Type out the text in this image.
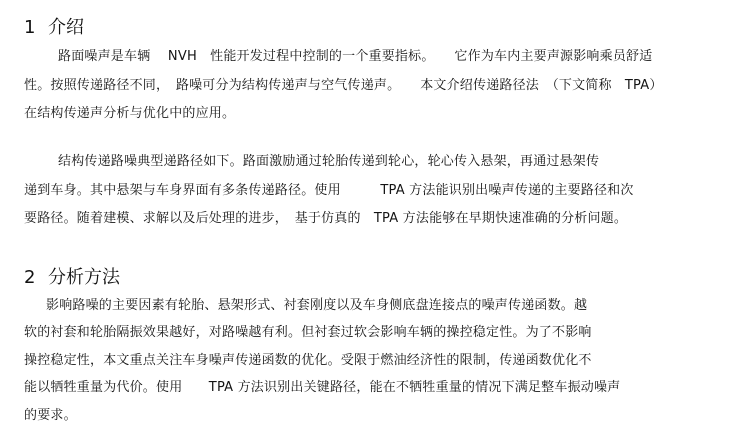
1 介绍
路面噪声是车辆　 NVH　性能开发过程中控制的一个重要指标。　　它作为车内主要声源影响乘员舒适
性。按照传递路径不同，　路噪可分为结构传递声与空气传递声。　　本文介绍传递路径法　（下文简称　TPA）
在结构传递声分析与优化中的应用。
结构传递路噪典型递路径如下。路面激励通过轮胎传递到轮心，轮心传入悬架，再通过悬架传
递到车身。其中悬架与车身界面有多条传递路径。使用　　　TPA 方法能识别出噪声传递的主要路径和次
要路径。随着建模、求解以及后处理的进步，　基于仿真的　TPA 方法能够在早期快速准确的分析问题。
2 分析方法
影响路噪的主要因素有轮胎、悬架形式、衬套刚度以及车身侧底盘连接点的噪声传递函数。越
软的衬套和轮胎隔振效果越好，对路噪越有利。但衬套过软会影响车辆的操控稳定性。为了不影响
操控稳定性，本文重点关注车身噪声传递函数的优化。受限于燃油经济性的限制，传递函数优化不
能以牺牲重量为代价。使用　　TPA 方法识别出关键路径，能在不牺牲重量的情况下满足整车振动噪声
的要求。
